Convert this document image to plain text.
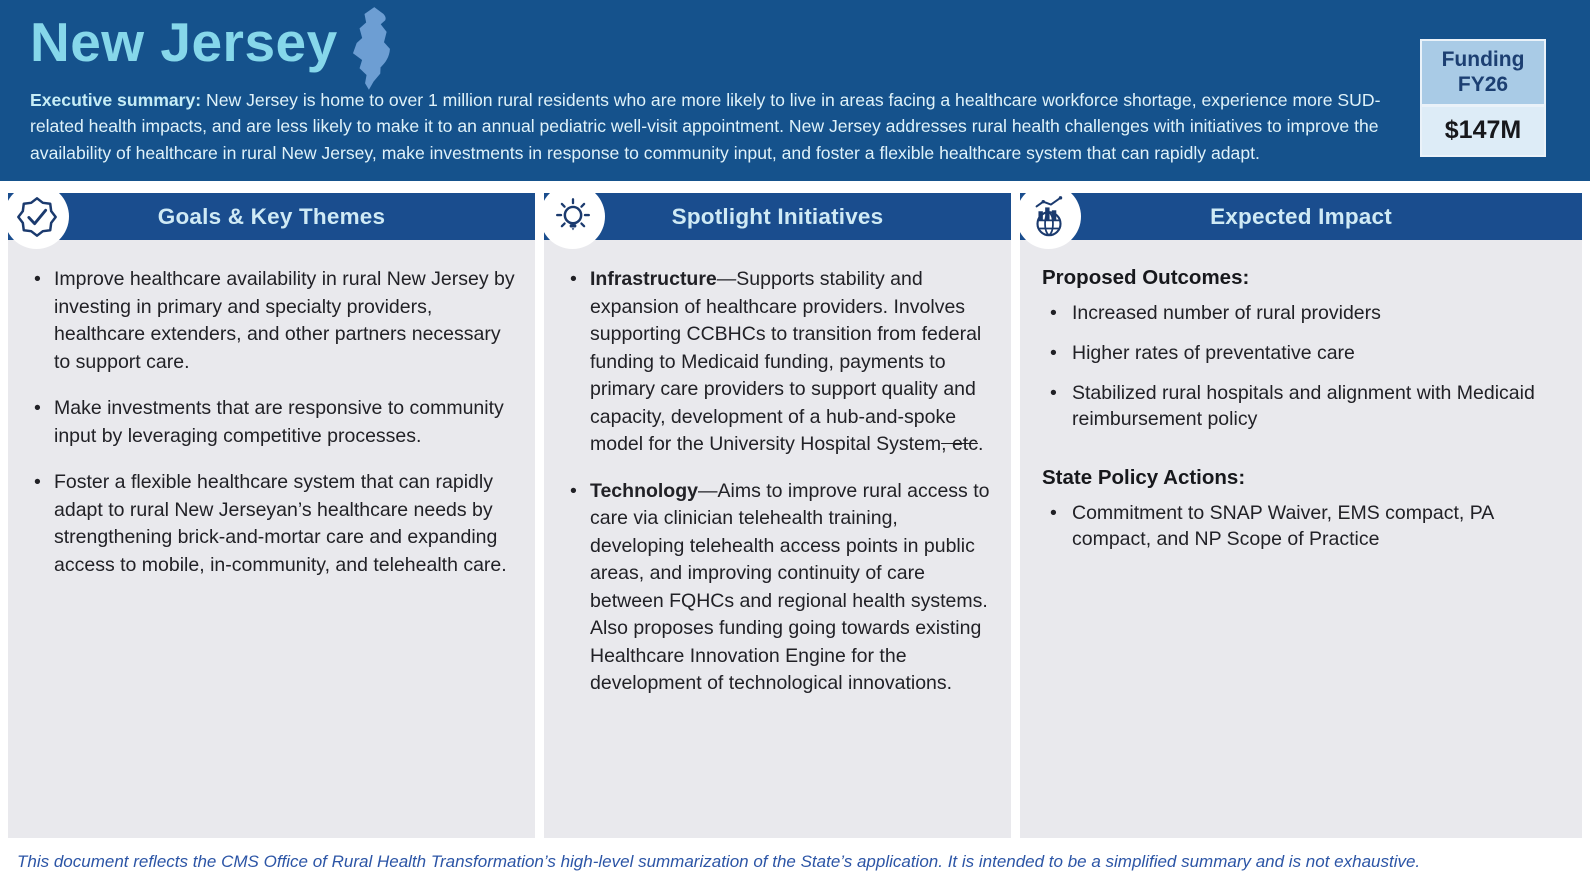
New Jersey
Executive summary: New Jersey is home to over 1 million rural residents who are more likely to live in areas facing a healthcare workforce shortage, experience more SUD-related health impacts, and are less likely to make it to an annual pediatric well-visit appointment. New Jersey addresses rural health challenges with initiatives to improve the availability of healthcare in rural New Jersey, make investments in response to community input, and foster a flexible healthcare system that can rapidly adapt.
Funding
FY26
$147M
Goals & Key Themes
• Improve healthcare availability in rural New Jersey by investing in primary and specialty providers, healthcare extenders, and other partners necessary to support care.
• Make investments that are responsive to community input by leveraging competitive processes.
• Foster a flexible healthcare system that can rapidly adapt to rural New Jerseyan’s healthcare needs by strengthening brick-and-mortar care and expanding access to mobile, in-community, and telehealth care.
Spotlight Initiatives
• Infrastructure—Supports stability and expansion of healthcare providers. Involves supporting CCBHCs to transition from federal funding to Medicaid funding, payments to primary care providers to support quality and capacity, development of a hub-and-spoke model for the University Hospital System, etc.
• Technology—Aims to improve rural access to care via clinician telehealth training, developing telehealth access points in public areas, and improving continuity of care between FQHCs and regional health systems. Also proposes funding going towards existing Healthcare Innovation Engine for the development of technological innovations.
Expected Impact

Proposed Outcomes:

• Increased number of rural providers
• Higher rates of preventative care
• Stabilized rural hospitals and alignment with Medicaid reimbursement policy

State Policy Actions:

• Commitment to SNAP Waiver, EMS compact, PA compact, and NP Scope of Practice
This document reflects the CMS Office of Rural Health Transformation’s high-level summarization of the State’s application. It is intended to be a simplified summary and is not exhaustive.
